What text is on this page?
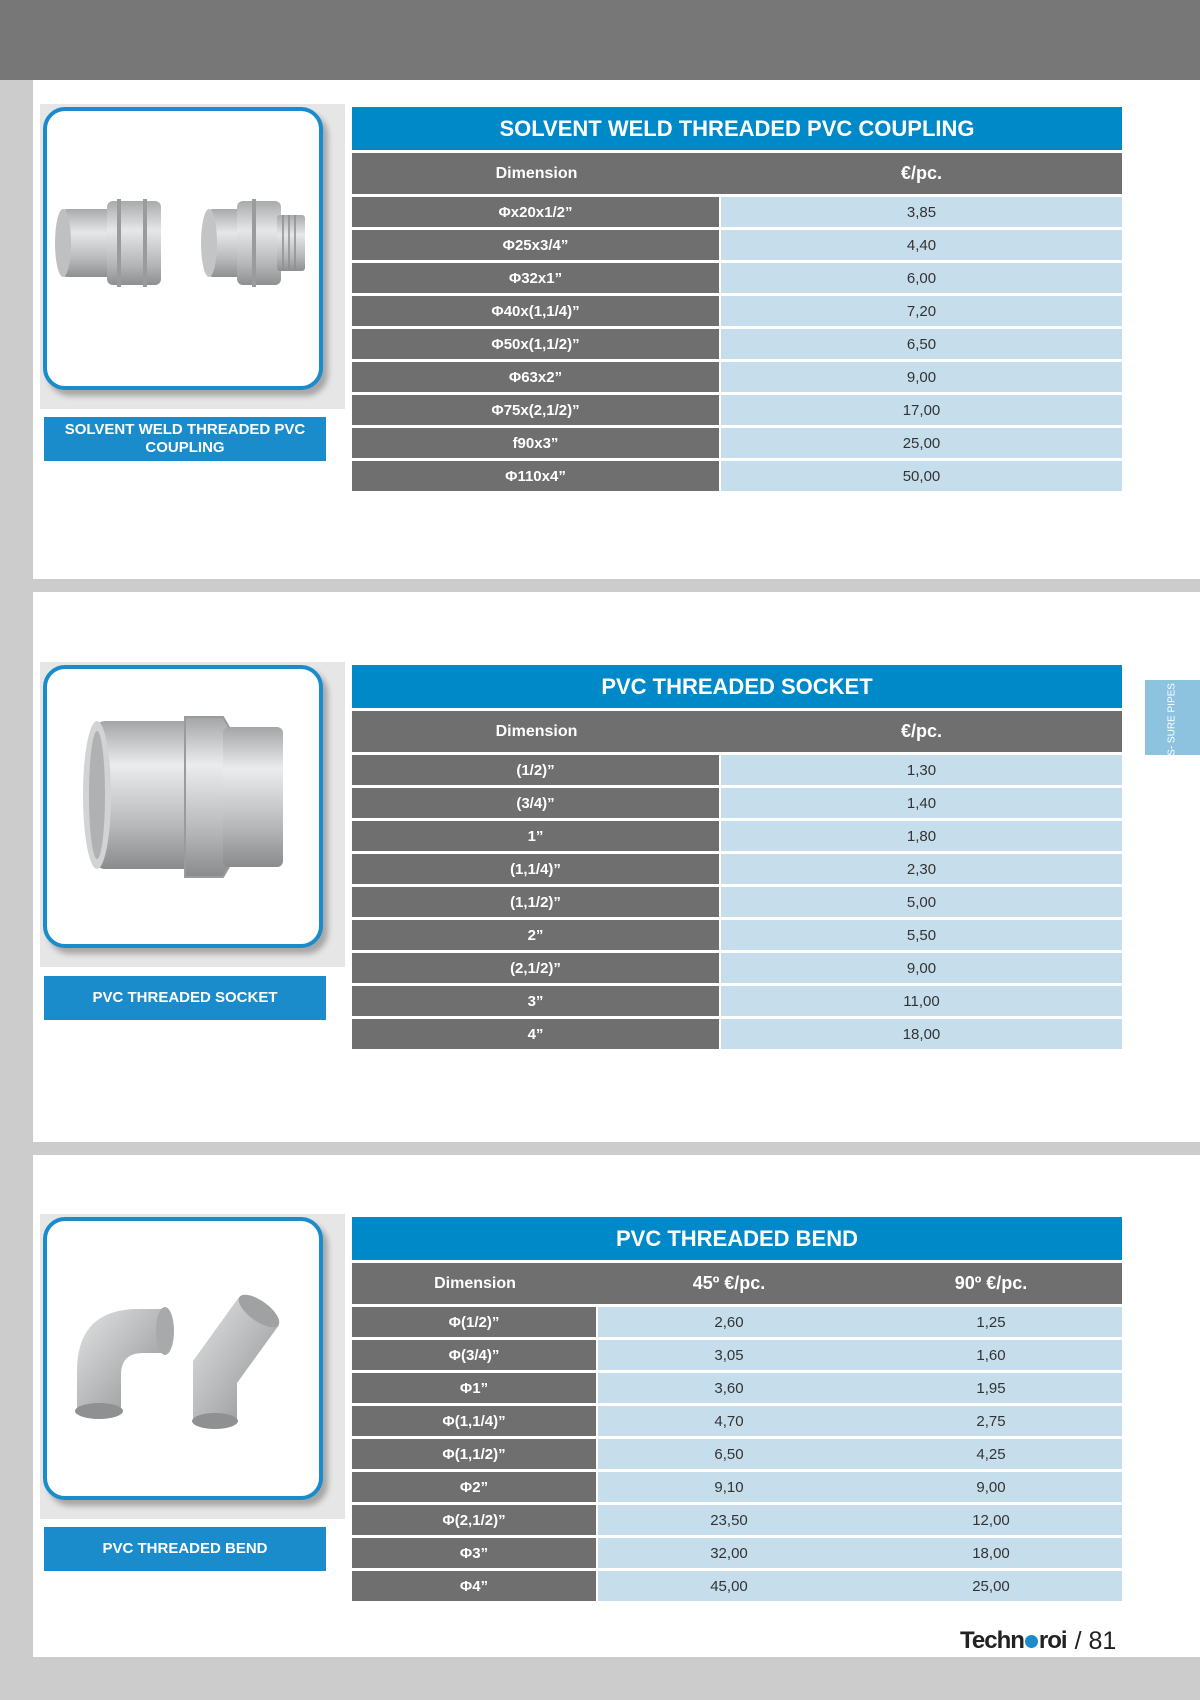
SOLVENT WELD THREADED PVC COUPLING
SOLVENT WELD THREADED PVC COUPLING	
Dimension	€/pc.
Φx20x1/2”	3,85
Φ25x3/4”	4,40
Φ32x1”	6,00
Φ40x(1,1/4)”	7,20
Φ50x(1,1/2)”	6,50
Φ63x2”	9,00
Φ75x(2,1/2)”	17,00
f90x3”	25,00
Φ110x4”	50,00
PVC THREADED SOCKET
PVC THREADED SOCKET	
Dimension	€/pc.
(1/2)”	1,30
(3/4)”	1,40
1”	1,80
(1,1/4)”	2,30
(1,1/2)”	5,00
2”	5,50
(2,1/2)”	9,00
3”	11,00
4”	18,00
PVC THREADED BEND
PVC THREADED BEND		
Dimension	45º €/pc.	90º €/pc.
Φ(1/2)”	2,60	1,25
Φ(3/4)”	3,05	1,60
Φ1”	3,60	1,95
Φ(1,1/4)”	4,70	2,75
Φ(1,1/2)”	6,50	4,25
Φ2”	9,10	9,00
Φ(2,1/2)”	23,50	12,00
Φ3”	32,00	18,00
Φ4”	45,00	25,00
U.PVC PRES- SURE PIPES & FITTINGS
Techn roi / 81
